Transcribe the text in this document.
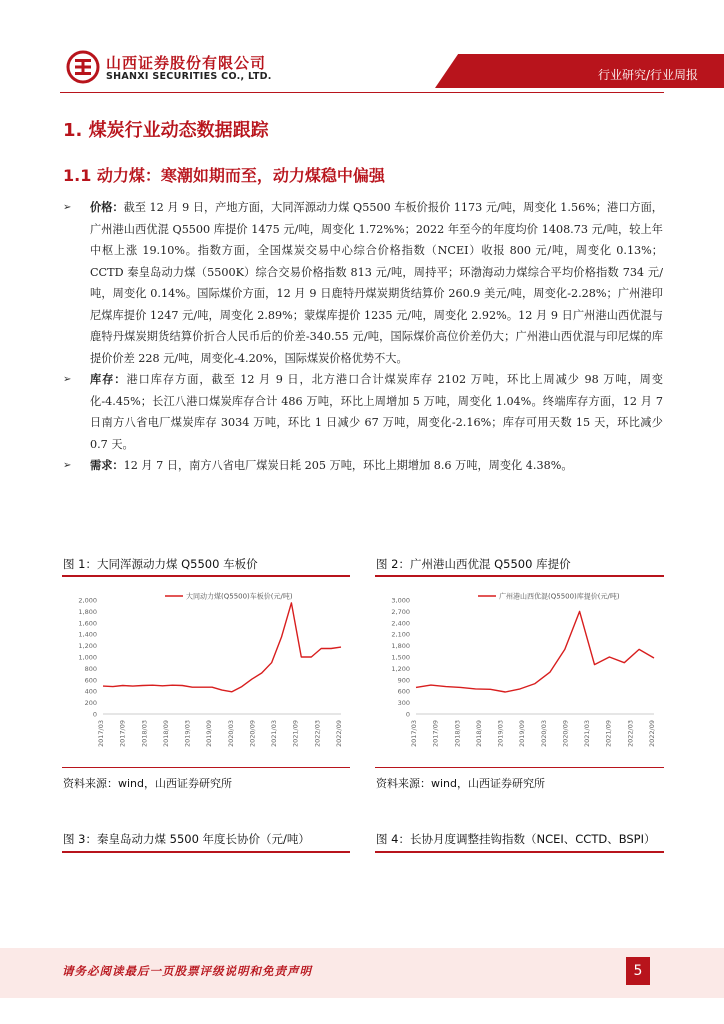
山西证券股份有限公司
SHANXI SECURITIES CO., LTD.	行业研究/行业周报
1. 煤炭行业动态数据跟踪
1.1 动力煤：寒潮如期而至，动力煤稳中偏强
➢ 价格：截至 12 月 9 日，产地方面，大同浑源动力煤 Q5500 车板价报价 1173 元/吨，周变化 1.56%；港口方面，广州港山西优混 Q5500 库提价 1475 元/吨，周变化 1.72%%；2022 年至今的年度均价 1408.73 元/吨，较上年中枢上涨 19.10%。指数方面，全国煤炭交易中心综合价格指数（NCEI）收报 800 元/吨，周变化 0.13%；CCTD 秦皇岛动力煤（5500K）综合交易价格指数 813 元/吨，周持平；环渤海动力煤综合平均价格指数 734 元/吨，周变化 0.14%。国际煤价方面，12 月 9 日鹿特丹煤炭期货结算价 260.9 美元/吨，周变化-2.28%；广州港印尼煤库提价 1247 元/吨，周变化 2.89%；蒙煤库提价 1235 元/吨，周变化 2.92%。12 月 9 日广州港山西优混与鹿特丹煤炭期货结算价折合人民币后的价差-340.55 元/吨，国际煤价高位价差仍大；广州港山西优混与印尼煤的库提价价差 228 元/吨，周变化-4.20%，国际煤炭价格优势不大。
➢ 库存：港口库存方面，截至 12 月 9 日，北方港口合计煤炭库存 2102 万吨，环比上周减少 98 万吨，周变化-4.45%；长江八港口煤炭库存合计 486 万吨，环比上周增加 5 万吨，周变化 1.04%。终端库存方面，12 月 7 日南方八省电厂煤炭库存 3034 万吨，环比 1 日减少 67 万吨，周变化-2.16%；库存可用天数 15 天，环比减少 0.7 天。
➢ 需求：12 月 7 日，南方八省电厂煤炭日耗 205 万吨，环比上期增加 8.6 万吨，周变化 4.38%。
图 1：大同浑源动力煤 Q5500 车板价
2,000
1,800
1,600
1,400
1,200
1,000
800
600
400
200
0
2017/03 2017/09 2018/03 2018/09 2019/03 2019/09 2020/03 2020/09 2021/03 2021/09 2022/03 2022/09
大同动力煤(Q5500)车板价(元/吨)
资料来源：wind，山西证券研究所
图 2：广州港山西优混 Q5500 库提价
3,000
2,700
2,400
2,100
1,800
1,500
1,200
900
600
300
0
2017/03 2017/09 2018/03 2018/09 2019/03 2019/09 2020/03 2020/09 2021/03 2021/09 2022/03 2022/09
广州港山西优混(Q5500)库提价(元/吨)
资料来源：wind，山西证券研究所
图 3：秦皇岛动力煤 5500 年度长协价（元/吨）	图 4：长协月度调整挂钩指数（NCEI、CCTD、BSPI）
请务必阅读最后一页股票评级说明和免责声明	5
